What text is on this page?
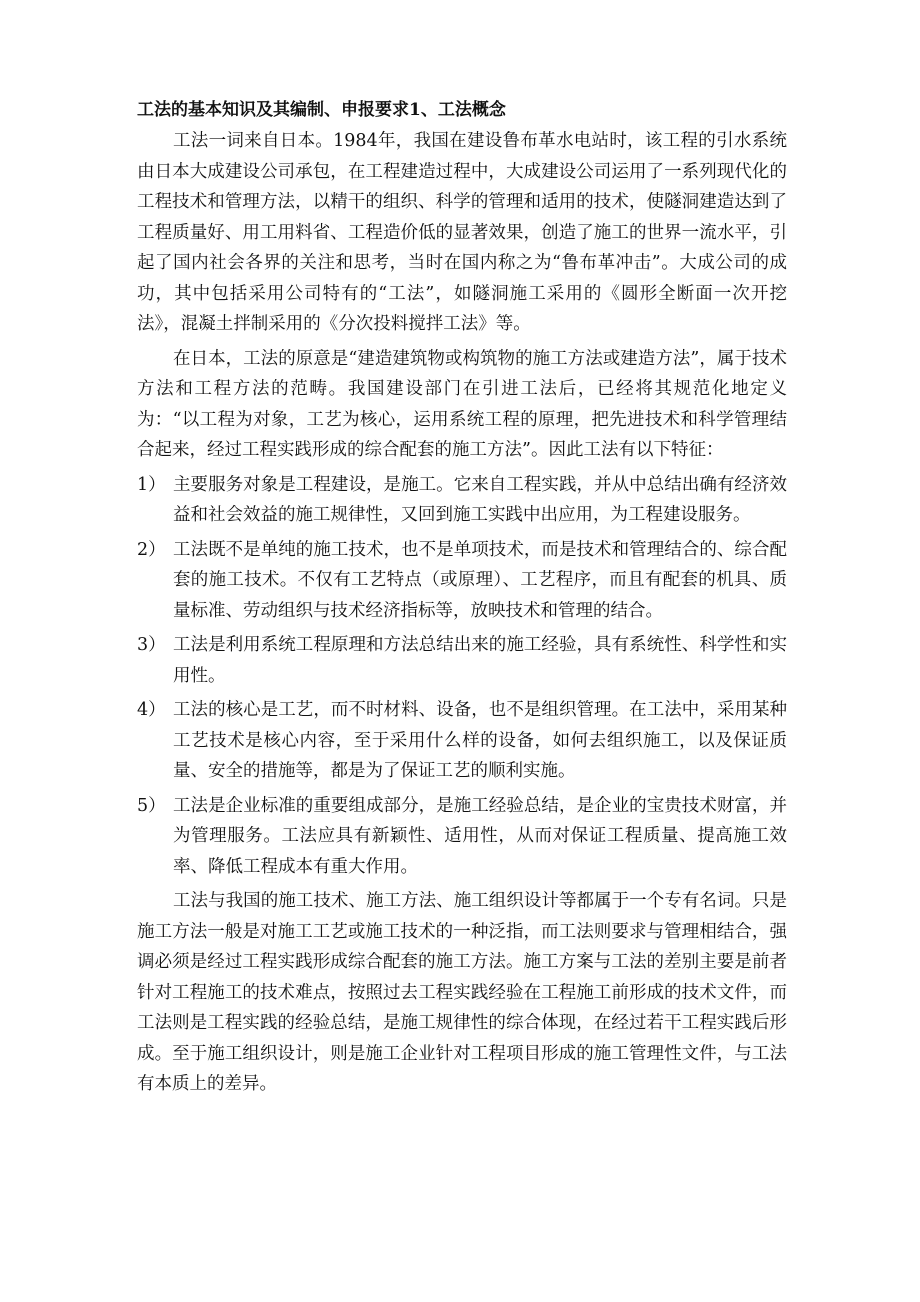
工法的基本知识及其编制、申报要求1、工法概念

工法一词来自日本。1984年，我国在建设鲁布革水电站时，该工程的引水系统由日本大成建设公司承包，在工程建造过程中，大成建设公司运用了一系列现代化的工程技术和管理方法，以精干的组织、科学的管理和适用的技术，使隧洞建造达到了工程质量好、用工用料省、工程造价低的显著效果，创造了施工的世界一流水平，引起了国内社会各界的关注和思考，当时在国内称之为“鲁布革冲击”。大成公司的成功，其中包括采用公司特有的“工法”，如隧洞施工采用的《圆形全断面一次开挖法》，混凝土拌制采用的《分次投料搅拌工法》等。

在日本，工法的原意是“建造建筑物或构筑物的施工方法或建造方法”，属于技术方法和工程方法的范畴。我国建设部门在引进工法后，已经将其规范化地定义为：“以工程为对象，工艺为核心，运用系统工程的原理，把先进技术和科学管理结合起来，经过工程实践形成的综合配套的施工方法”。因此工法有以下特征：

1） 主要服务对象是工程建设，是施工。它来自工程实践，并从中总结出确有经济效益和社会效益的施工规律性，又回到施工实践中出应用，为工程建设服务。
2） 工法既不是单纯的施工技术，也不是单项技术，而是技术和管理结合的、综合配套的施工技术。不仅有工艺特点（或原理）、工艺程序，而且有配套的机具、质量标准、劳动组织与技术经济指标等，放映技术和管理的结合。
3） 工法是利用系统工程原理和方法总结出来的施工经验，具有系统性、科学性和实用性。
4） 工法的核心是工艺，而不时材料、设备，也不是组织管理。在工法中，采用某种工艺技术是核心内容，至于采用什么样的设备，如何去组织施工，以及保证质量、安全的措施等，都是为了保证工艺的顺利实施。
5） 工法是企业标准的重要组成部分，是施工经验总结，是企业的宝贵技术财富，并为管理服务。工法应具有新颖性、适用性，从而对保证工程质量、提高施工效率、降低工程成本有重大作用。

工法与我国的施工技术、施工方法、施工组织设计等都属于一个专有名词。只是施工方法一般是对施工工艺或施工技术的一种泛指，而工法则要求与管理相结合，强调必须是经过工程实践形成综合配套的施工方法。施工方案与工法的差别主要是前者针对工程施工的技术难点，按照过去工程实践经验在工程施工前形成的技术文件，而工法则是工程实践的经验总结，是施工规律性的综合体现，在经过若干工程实践后形成。至于施工组织设计，则是施工企业针对工程项目形成的施工管理性文件，与工法有本质上的差异。
